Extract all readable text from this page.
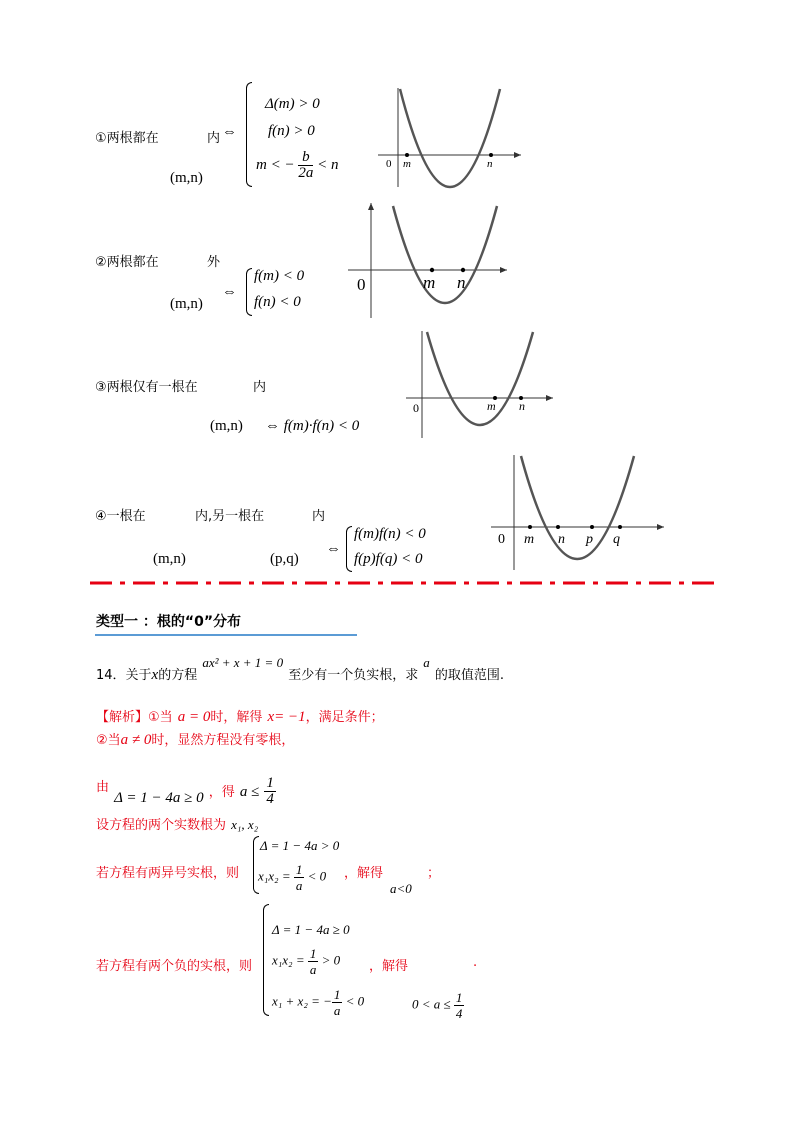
①两根都在	内 ⇔
(m,n)
Δ(m) > 0
f(n) > 0
m < − $\frac{b}{2a} < n$	0 m	n
②两根都在	外
⇔
(m,n)
f(m) < 0
f(n) < 0
0	m n
③两根仅有一根在	内
(m,n) ⇔ f(m)·f(n) < 0
0	m n
④一根在	内,另一根在	内
(m,n)	(p,q)
⇔
f(m)f(n) < 0
f(p)f(q) < 0
0 m n p q
类型一 ：根的“0”分布
14．关于x的方程 $^{ax^2 + x + 1 = 0}$ 至少有一个负实根，求 $^a$ 的取值范围.
【解析】①当 a = 0时，解得 x= −1，满足条件；
②当a ≠ 0时，显然方程没有零根，
$^由$ Δ = 1 − 4a ≥ 0 ，得 $a \le \frac{1}{4}$
设方程的两个实数根为 x₁, x₂
若方程有两异号实根，则
Δ = 1 − 4a > 0
$x_1x_2 = \frac{1}{a} < 0$ ，解得	；
a<0
若方程有两个负的实根，则
Δ = 1 − 4a ≥ 0
$x_1x_2 = \frac{1}{a} > 0$
x₁ + x₂ = − $\frac{1}{a} < 0$
，解得	.
$0 < a \le \frac{1}{4}$
